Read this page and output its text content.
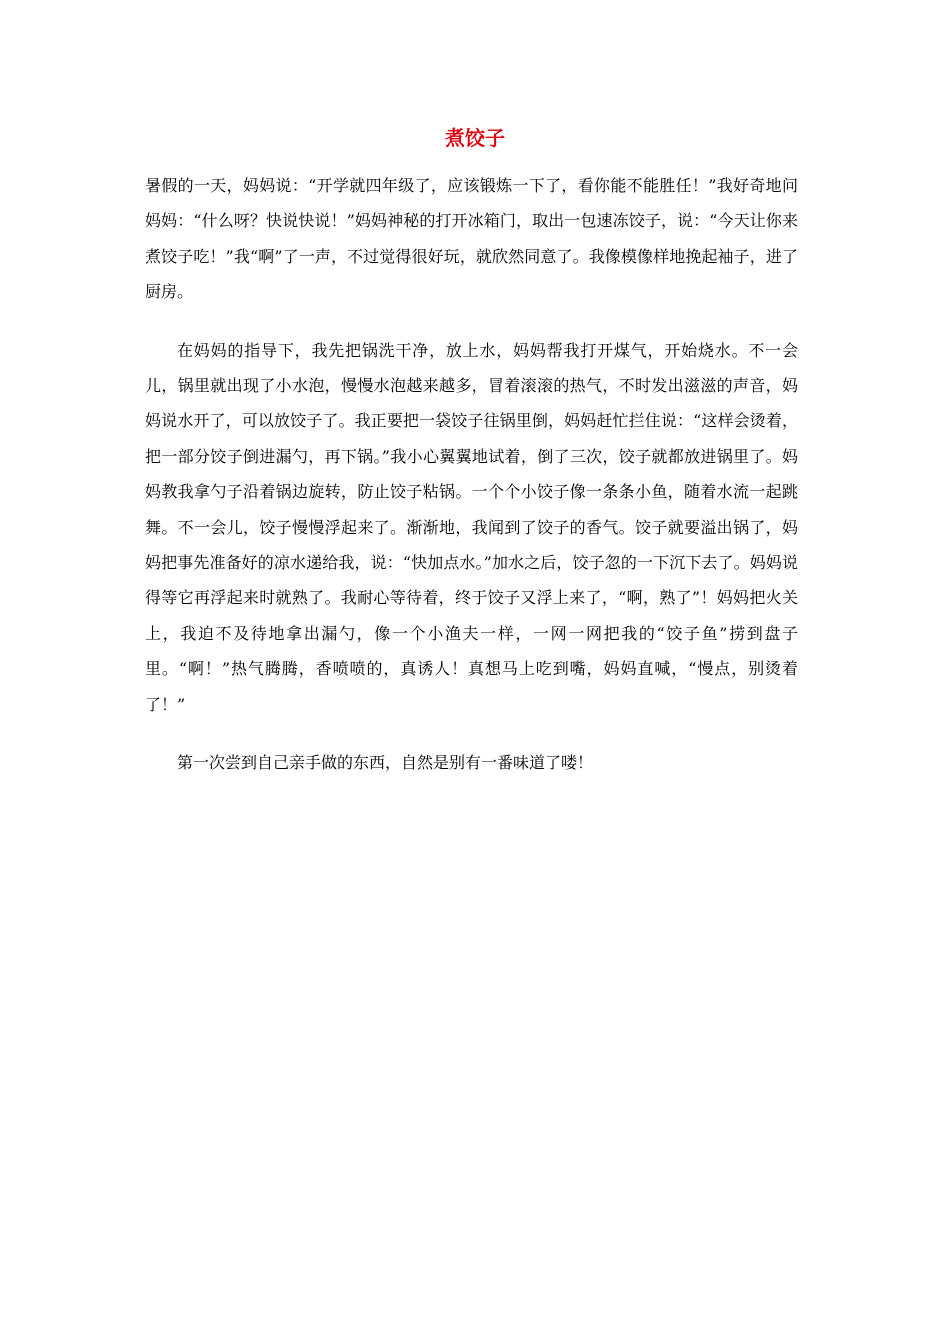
煮饺子

暑假的一天，妈妈说：“开学就四年级了，应该锻炼一下了，看你能不能胜任！”我好奇地问妈妈：“什么呀？快说快说！”妈妈神秘的打开冰箱门，取出一包速冻饺子，说：“今天让你来煮饺子吃！”我“啊”了一声，不过觉得很好玩，就欣然同意了。我像模像样地挽起袖子，进了厨房。

在妈妈的指导下，我先把锅洗干净，放上水，妈妈帮我打开煤气，开始烧水。不一会儿，锅里就出现了小水泡，慢慢水泡越来越多，冒着滚滚的热气，不时发出滋滋的声音，妈妈说水开了，可以放饺子了。我正要把一袋饺子往锅里倒，妈妈赶忙拦住说：“这样会烫着，把一部分饺子倒进漏勺，再下锅。”我小心翼翼地试着，倒了三次，饺子就都放进锅里了。妈妈教我拿勺子沿着锅边旋转，防止饺子粘锅。一个个小饺子像一条条小鱼，随着水流一起跳舞。不一会儿，饺子慢慢浮起来了。渐渐地，我闻到了饺子的香气。饺子就要溢出锅了，妈妈把事先准备好的凉水递给我，说：“快加点水。”加水之后，饺子忽的一下沉下去了。妈妈说得等它再浮起来时就熟了。我耐心等待着，终于饺子又浮上来了，“啊，熟了”！妈妈把火关上，我迫不及待地拿出漏勺，像一个小渔夫一样，一网一网把我的“饺子鱼”捞到盘子里。“啊！”热气腾腾，香喷喷的，真诱人！真想马上吃到嘴，妈妈直喊，“慢点，别烫着了！”

第一次尝到自己亲手做的东西，自然是别有一番味道了喽！
